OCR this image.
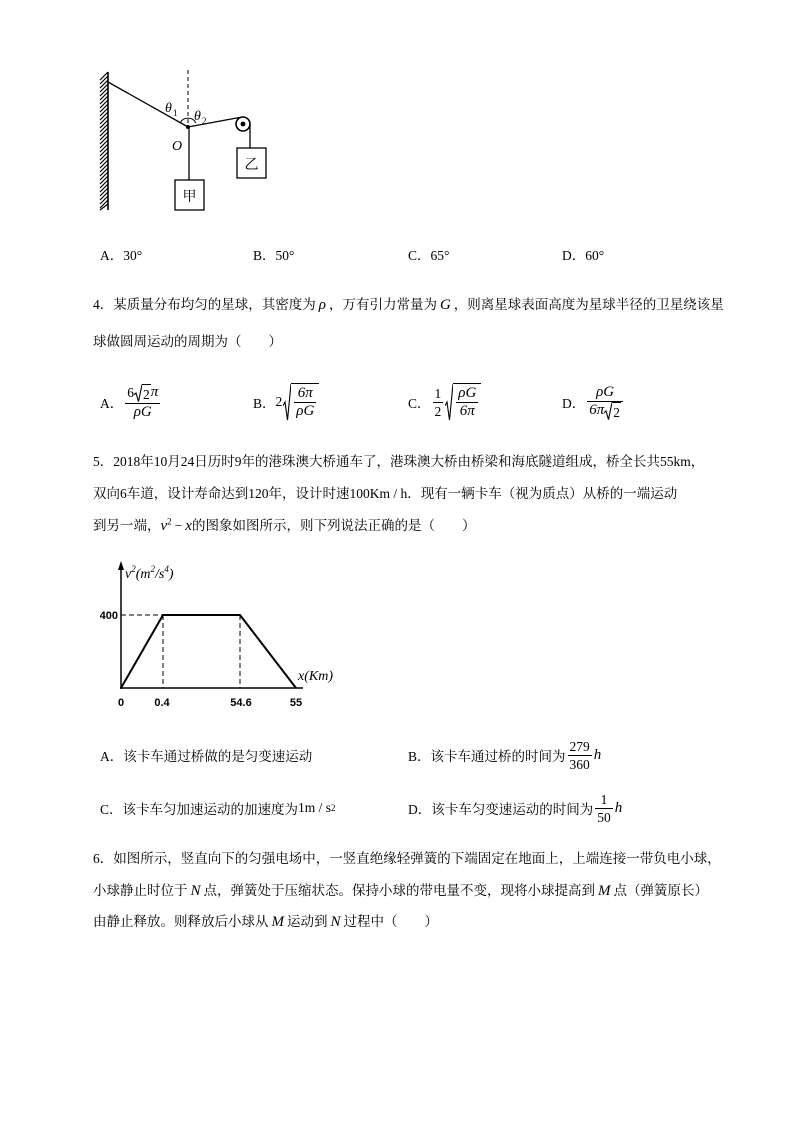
乙
甲
θ 1 θ 2
O
A．30°	B．50°	C．65°	D．60°
4．某质量分布均匀的星球，其密度为 ρ ，万有引力常量为 G ，则离星球表面高度为星球半径的卫星绕该星
球做圆周运动的周期为（　　）
A． $\frac{6 2 \pi}{\rho G}$	B． $2 \frac{6\pi}{\rho G}$	C． $\frac{1}{2} \frac{\rho G}{6\pi}$	D． $\frac{\rho G}{6\pi 2}$
5．2018年10月24日历时9年的港珠澳大桥通车了，港珠澳大桥由桥梁和海底隧道组成，桥全长共55km，
双向6车道，设计寿命达到120年，设计时速100Km / h．现有一辆卡车（视为质点）从桥的一端运动
到另一端，$v^2 - x$的图象如图所示，则下列说法正确的是（　　）
$v^2(m^2/s^4)$
400
0	0.4	54.6	55
x(Km)
A． 该卡车通过桥做的是匀变速运动	B． 该卡车通过桥的时间为 $\frac{279}{360}$ h
C． 该卡车匀加速运动的加速度为 1m / s 2	D． 该卡车匀变速运动的时间为 $\frac{1}{50}$ h
6．如图所示，竖直向下的匀强电场中，一竖直绝缘轻弹簧的下端固定在地面上，上端连接一带负电小球，
小球静止时位于 N 点，弹簧处于压缩状态。保持小球的带电量不变，现将小球提高到 M 点（弹簧原长）
由静止释放。则释放后小球从 M 运动到 N 过程中（　　）
